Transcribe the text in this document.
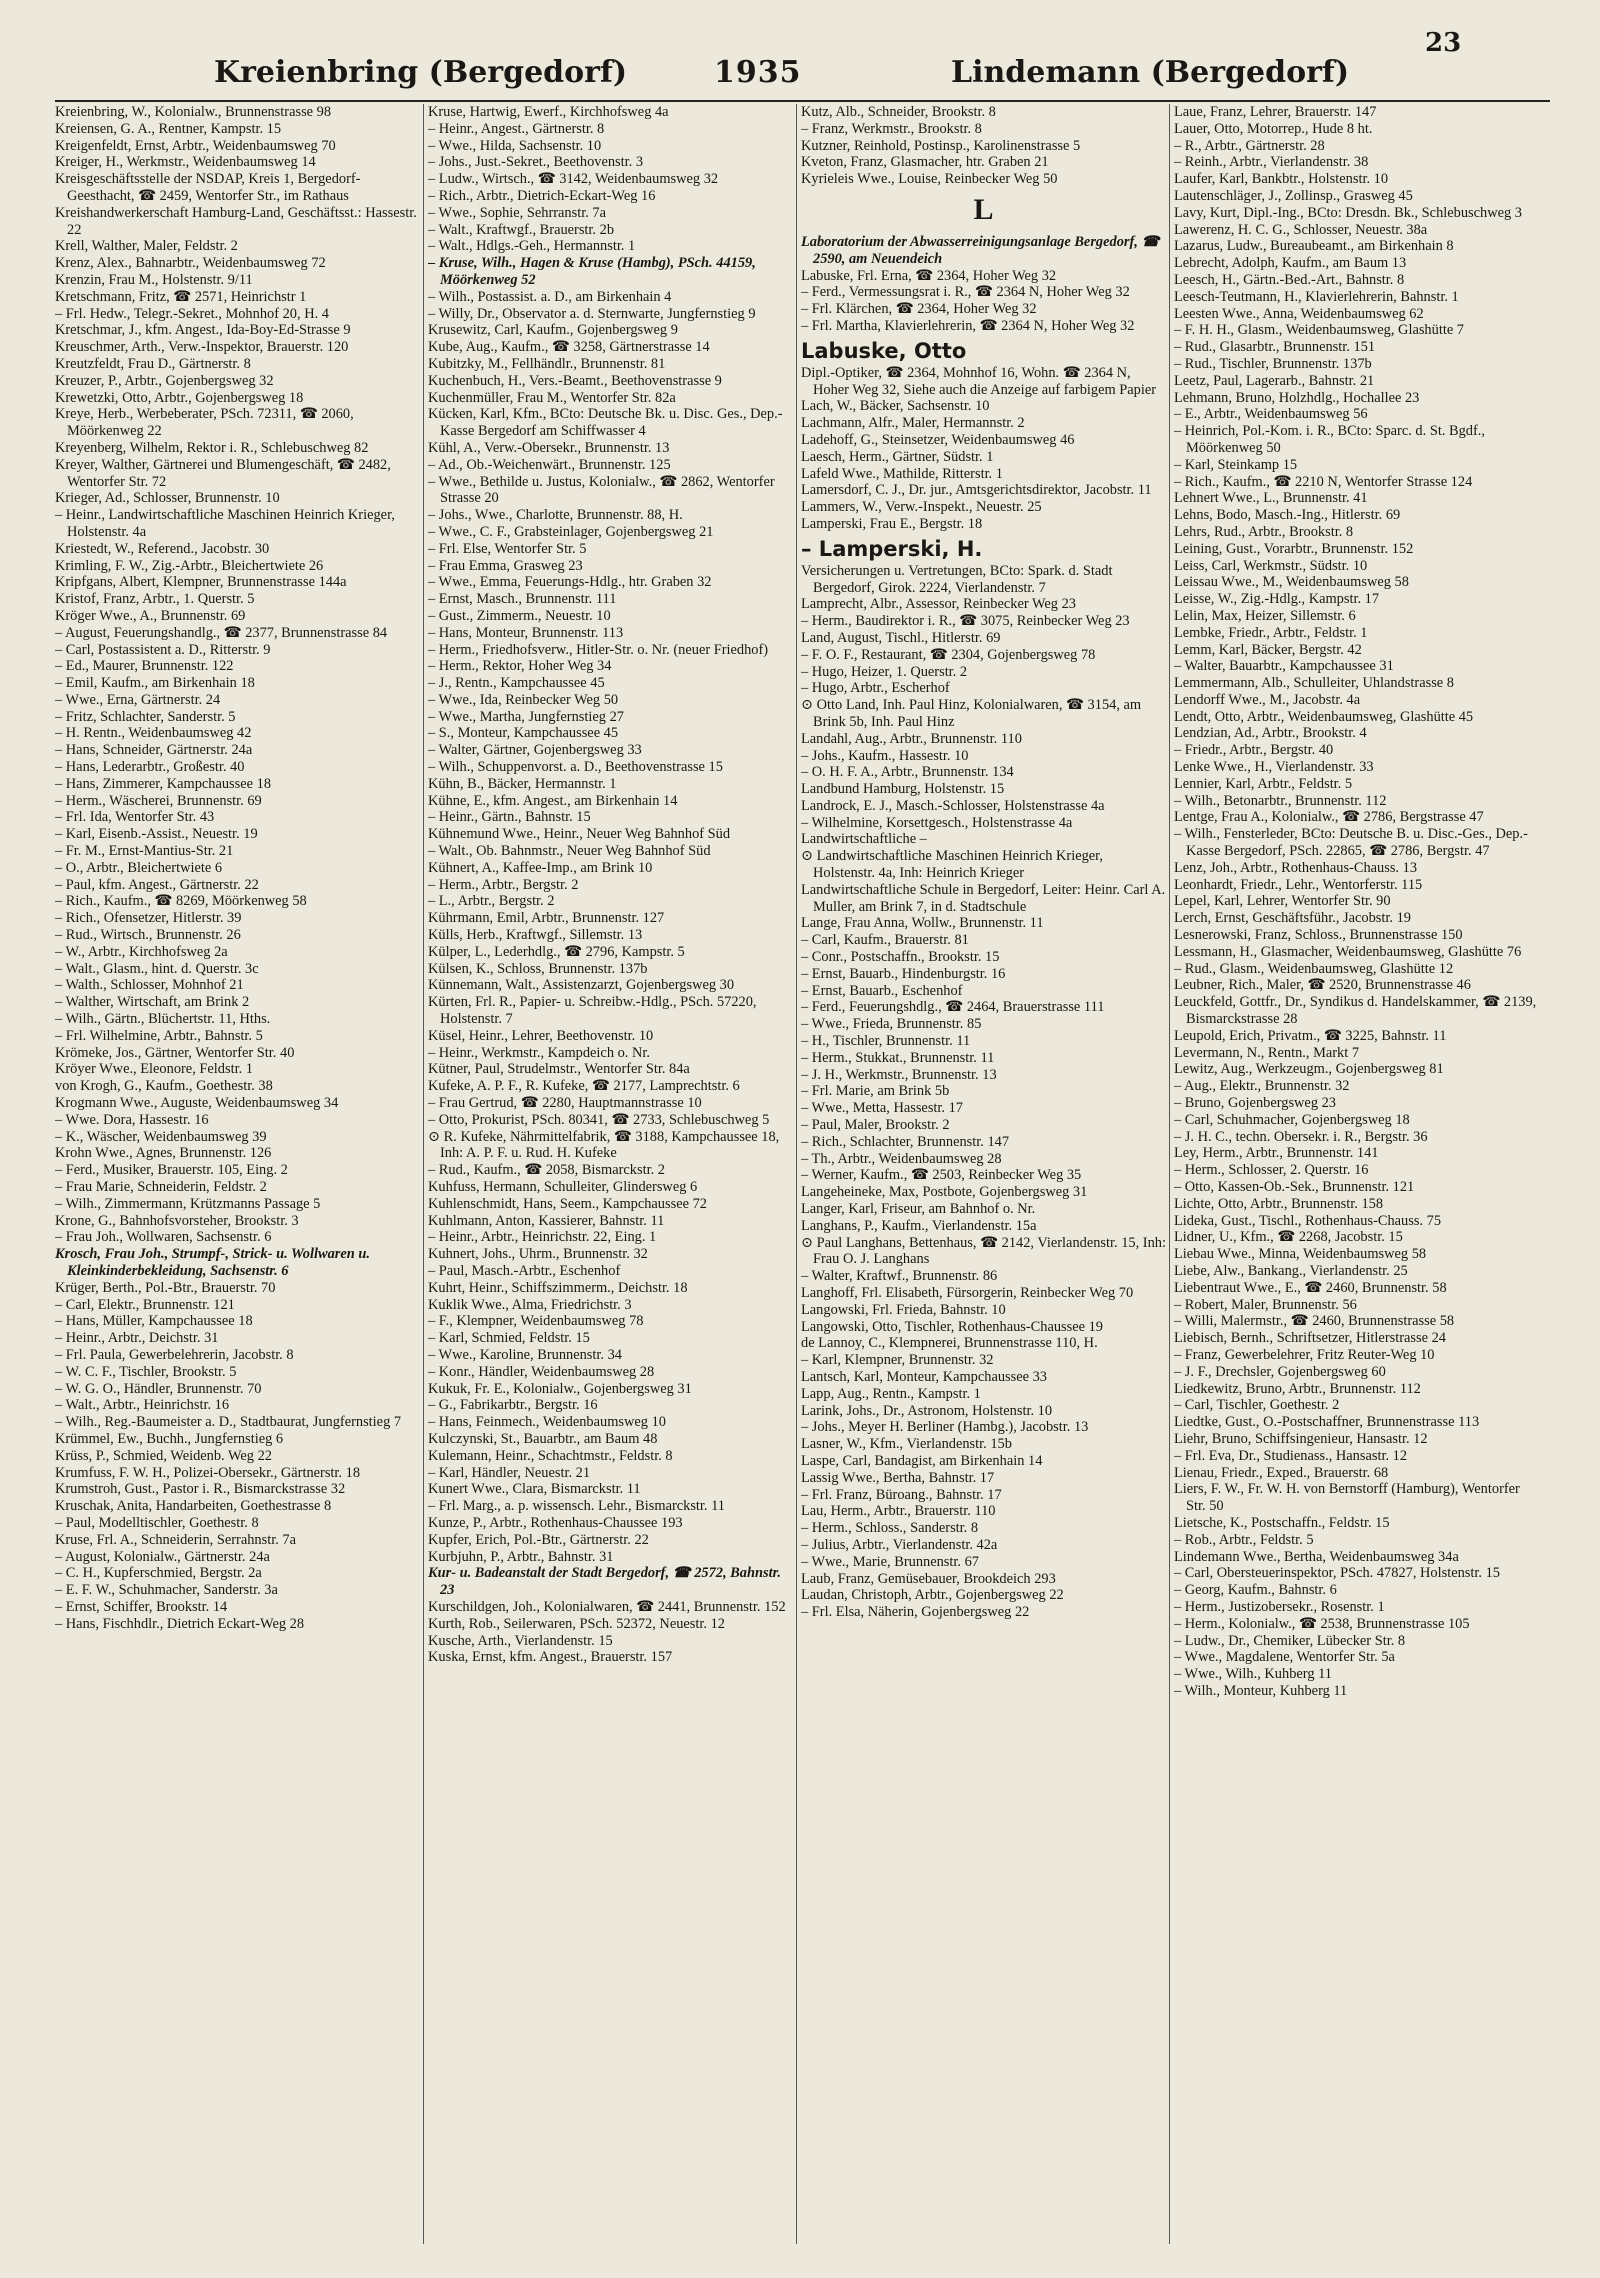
23
Kreienbring (Bergedorf)	1935	Lindemann (Bergedorf)
Kreienbring, W., Kolonialw., Brunnenstrasse 98
Kreiensen, G. A., Rentner, Kampstr. 15
Kreigenfeldt, Ernst, Arbtr., Weidenbaumsweg 70
Kreiger, H., Werkmstr., Weidenbaumsweg 14
Kreisgeschäftsstelle der NSDAP, Kreis 1, Bergedorf-Geesthacht, ☎ 2459, Wentorfer Str., im Rathaus
Kreishandwerkerschaft Hamburg-Land, Geschäftsst.: Hassestr. 22
Krell, Walther, Maler, Feldstr. 2
Krenz, Alex., Bahnarbtr., Weidenbaumsweg 72
Krenzin, Frau M., Holstenstr. 9/11
Kretschmann, Fritz, ☎ 2571, Heinrichstr 1
– Frl. Hedw., Telegr.-Sekret., Mohnhof 20, H. 4
Kretschmar, J., kfm. Angest., Ida-Boy-Ed-Strasse 9
Kreuschmer, Arth., Verw.-Inspektor, Brauerstr. 120
Kreutzfeldt, Frau D., Gärtnerstr. 8
Kreuzer, P., Arbtr., Gojenbergsweg 32
Krewetzki, Otto, Arbtr., Gojenbergsweg 18
Kreye, Herb., Werbeberater, PSch. 72311, ☎ 2060, Möörkenweg 22
Kreyenberg, Wilhelm, Rektor i. R., Schlebuschweg 82
Kreyer, Walther, Gärtnerei und Blumengeschäft, ☎ 2482, Wentorfer Str. 72
Krieger, Ad., Schlosser, Brunnenstr. 10
– Heinr., Landwirtschaftliche Maschinen Heinrich Krieger, Holstenstr. 4a
Kriestedt, W., Referend., Jacobstr. 30
Krimling, F. W., Zig.-Arbtr., Bleichertwiete 26
Kripfgans, Albert, Klempner, Brunnenstrasse 144a
Kristof, Franz, Arbtr., 1. Querstr. 5
Kröger Wwe., A., Brunnenstr. 69
– August, Feuerungshandlg., ☎ 2377, Brunnenstrasse 84
– Carl, Postassistent a. D., Ritterstr. 9
– Ed., Maurer, Brunnenstr. 122
– Emil, Kaufm., am Birkenhain 18
– Wwe., Erna, Gärtnerstr. 24
– Fritz, Schlachter, Sanderstr. 5
– H. Rentn., Weidenbaumsweg 42
– Hans, Schneider, Gärtnerstr. 24a
– Hans, Lederarbtr., Großestr. 40
– Hans, Zimmerer, Kampchaussee 18
– Herm., Wäscherei, Brunnenstr. 69
– Frl. Ida, Wentorfer Str. 43
– Karl, Eisenb.-Assist., Neuestr. 19
– Fr. M., Ernst-Mantius-Str. 21
– O., Arbtr., Bleichertwiete 6
– Paul, kfm. Angest., Gärtnerstr. 22
– Rich., Kaufm., ☎ 8269, Möörkenweg 58
– Rich., Ofensetzer, Hitlerstr. 39
– Rud., Wirtsch., Brunnenstr. 26
– W., Arbtr., Kirchhofsweg 2a
– Walt., Glasm., hint. d. Querstr. 3c
– Walth., Schlosser, Mohnhof 21
– Walther, Wirtschaft, am Brink 2
– Wilh., Gärtn., Blüchertstr. 11, Hths.
– Frl. Wilhelmine, Arbtr., Bahnstr. 5
Krömeke, Jos., Gärtner, Wentorfer Str. 40
Kröyer Wwe., Eleonore, Feldstr. 1
von Krogh, G., Kaufm., Goethestr. 38
Krogmann Wwe., Auguste, Weidenbaumsweg 34
– Wwe. Dora, Hassestr. 16
– K., Wäscher, Weidenbaumsweg 39
Krohn Wwe., Agnes, Brunnenstr. 126
– Ferd., Musiker, Brauerstr. 105, Eing. 2
– Frau Marie, Schneiderin, Feldstr. 2
– Wilh., Zimmermann, Krützmanns Passage 5
Krone, G., Bahnhofsvorsteher, Brookstr. 3
– Frau Joh., Wollwaren, Sachsenstr. 6
Krosch, Frau Joh., Strumpf-, Strick- u. Wollwaren u. Kleinkinderbekleidung, Sachsenstr. 6
Krüger, Berth., Pol.-Btr., Brauerstr. 70
– Carl, Elektr., Brunnenstr. 121
– Hans, Müller, Kampchaussee 18
– Heinr., Arbtr., Deichstr. 31
– Frl. Paula, Gewerbelehrerin, Jacobstr. 8
– W. C. F., Tischler, Brookstr. 5
– W. G. O., Händler, Brunnenstr. 70
– Walt., Arbtr., Heinrichstr. 16
– Wilh., Reg.-Baumeister a. D., Stadtbaurat, Jungfernstieg 7
Krümmel, Ew., Buchh., Jungfernstieg 6
Krüss, P., Schmied, Weidenb. Weg 22
Krumfuss, F. W. H., Polizei-Obersekr., Gärtnerstr. 18
Krumstroh, Gust., Pastor i. R., Bismarckstrasse 32
Kruschak, Anita, Handarbeiten, Goethestrasse 8
– Paul, Modelltischler, Goethestr. 8
Kruse, Frl. A., Schneiderin, Serrahnstr. 7a
– August, Kolonialw., Gärtnerstr. 24a
– C. H., Kupferschmied, Bergstr. 2a
– E. F. W., Schuhmacher, Sanderstr. 3a
– Ernst, Schiffer, Brookstr. 14
– Hans, Fischhdlr., Dietrich Eckart-Weg 28
Kruse, Hartwig, Ewerf., Kirchhofsweg 4a
– Heinr., Angest., Gärtnerstr. 8
– Wwe., Hilda, Sachsenstr. 10
– Johs., Just.-Sekret., Beethovenstr. 3
– Ludw., Wirtsch., ☎ 3142, Weidenbaumsweg 32
– Rich., Arbtr., Dietrich-Eckart-Weg 16
– Wwe., Sophie, Sehrranstr. 7a
– Walt., Kraftwgf., Brauerstr. 2b
– Walt., Hdlgs.-Geh., Hermannstr. 1
– Kruse, Wilh., Hagen & Kruse (Hambg), PSch. 44159, Möörkenweg 52
– Wilh., Postassist. a. D., am Birkenhain 4
– Willy, Dr., Observator a. d. Sternwarte, Jungfernstieg 9
Krusewitz, Carl, Kaufm., Gojenbergsweg 9
Kube, Aug., Kaufm., ☎ 3258, Gärtnerstrasse 14
Kubitzky, M., Fellhändlr., Brunnenstr. 81
Kuchenbuch, H., Vers.-Beamt., Beethovenstrasse 9
Kuchenmüller, Frau M., Wentorfer Str. 82a
Kücken, Karl, Kfm., BCto: Deutsche Bk. u. Disc. Ges., Dep.-Kasse Bergedorf am Schiffwasser 4
Kühl, A., Verw.-Obersekr., Brunnenstr. 13
– Ad., Ob.-Weichenwärt., Brunnenstr. 125
– Wwe., Bethilde u. Justus, Kolonialw., ☎ 2862, Wentorfer Strasse 20
– Johs., Wwe., Charlotte, Brunnenstr. 88, H.
– Wwe., C. F., Grabsteinlager, Gojenbergsweg 21
– Frl. Else, Wentorfer Str. 5
– Frau Emma, Grasweg 23
– Wwe., Emma, Feuerungs-Hdlg., htr. Graben 32
– Ernst, Masch., Brunnenstr. 111
– Gust., Zimmerm., Neuestr. 10
– Hans, Monteur, Brunnenstr. 113
– Herm., Friedhofsverw., Hitler-Str. o. Nr. (neuer Friedhof)
– Herm., Rektor, Hoher Weg 34
– J., Rentn., Kampchaussee 45
– Wwe., Ida, Reinbecker Weg 50
– Wwe., Martha, Jungfernstieg 27
– S., Monteur, Kampchaussee 45
– Walter, Gärtner, Gojenbergsweg 33
– Wilh., Schuppenvorst. a. D., Beethovenstrasse 15
Kühn, B., Bäcker, Hermannstr. 1
Kühne, E., kfm. Angest., am Birkenhain 14
– Heinr., Gärtn., Bahnstr. 15
Kühnemund Wwe., Heinr., Neuer Weg Bahnhof Süd
– Walt., Ob. Bahnmstr., Neuer Weg Bahnhof Süd
Kühnert, A., Kaffee-Imp., am Brink 10
– Herm., Arbtr., Bergstr. 2
– L., Arbtr., Bergstr. 2
Kührmann, Emil, Arbtr., Brunnenstr. 127
Külls, Herb., Kraftwgf., Sillemstr. 13
Külper, L., Lederhdlg., ☎ 2796, Kampstr. 5
Külsen, K., Schloss, Brunnenstr. 137b
Künnemann, Walt., Assistenzarzt, Gojenbergsweg 30
Kürten, Frl. R., Papier- u. Schreibw.-Hdlg., PSch. 57220, Holstenstr. 7
Küsel, Heinr., Lehrer, Beethovenstr. 10
– Heinr., Werkmstr., Kampdeich o. Nr.
Kütner, Paul, Strudelmstr., Wentorfer Str. 84a
Kufeke, A. P. F., R. Kufeke, ☎ 2177, Lamprechtstr. 6
– Frau Gertrud, ☎ 2280, Hauptmannstrasse 10
– Otto, Prokurist, PSch. 80341, ☎ 2733, Schlebuschweg 5
⊙ R. Kufeke, Nährmittelfabrik, ☎ 3188, Kampchaussee 18, Inh: A. P. F. u. Rud. H. Kufeke
– Rud., Kaufm., ☎ 2058, Bismarckstr. 2
Kuhfuss, Hermann, Schulleiter, Glindersweg 6
Kuhlenschmidt, Hans, Seem., Kampchaussee 72
Kuhlmann, Anton, Kassierer, Bahnstr. 11
– Heinr., Arbtr., Heinrichstr. 22, Eing. 1
Kuhnert, Johs., Uhrm., Brunnenstr. 32
– Paul, Masch.-Arbtr., Eschenhof
Kuhrt, Heinr., Schiffszimmerm., Deichstr. 18
Kuklik Wwe., Alma, Friedrichstr. 3
– F., Klempner, Weidenbaumsweg 78
– Karl, Schmied, Feldstr. 15
– Wwe., Karoline, Brunnenstr. 34
– Konr., Händler, Weidenbaumsweg 28
Kukuk, Fr. E., Kolonialw., Gojenbergsweg 31
– G., Fabrikarbtr., Bergstr. 16
– Hans, Feinmech., Weidenbaumsweg 10
Kulczynski, St., Bauarbtr., am Baum 48
Kulemann, Heinr., Schachtmstr., Feldstr. 8
– Karl, Händler, Neuestr. 21
Kunert Wwe., Clara, Bismarckstr. 11
– Frl. Marg., a. p. wissensch. Lehr., Bismarckstr. 11
Kunze, P., Arbtr., Rothenhaus-Chaussee 193
Kupfer, Erich, Pol.-Btr., Gärtnerstr. 22
Kurbjuhn, P., Arbtr., Bahnstr. 31
Kur- u. Badeanstalt der Stadt Bergedorf, ☎ 2572, Bahnstr. 23
Kurschildgen, Joh., Kolonialwaren, ☎ 2441, Brunnenstr. 152
Kurth, Rob., Seilerwaren, PSch. 52372, Neuestr. 12
Kusche, Arth., Vierlandenstr. 15
Kuska, Ernst, kfm. Angest., Brauerstr. 157
Kutz, Alb., Schneider, Brookstr. 8
– Franz, Werkmstr., Brookstr. 8
Kutzner, Reinhold, Postinsp., Karolinenstrasse 5
Kveton, Franz, Glasmacher, htr. Graben 21
Kyrieleis Wwe., Louise, Reinbecker Weg 50
L
Laboratorium der Abwasserreinigungsanlage Bergedorf, ☎ 2590, am Neuendeich
Labuske, Frl. Erna, ☎ 2364, Hoher Weg 32
– Ferd., Vermessungsrat i. R., ☎ 2364 N, Hoher Weg 32
– Frl. Klärchen, ☎ 2364, Hoher Weg 32
– Frl. Martha, Klavierlehrerin, ☎ 2364 N, Hoher Weg 32
Labuske, Otto
Dipl.-Optiker, ☎ 2364, Mohnhof 16, Wohn. ☎ 2364 N, Hoher Weg 32, Siehe auch die Anzeige auf farbigem Papier
Lach, W., Bäcker, Sachsenstr. 10
Lachmann, Alfr., Maler, Hermannstr. 2
Ladehoff, G., Steinsetzer, Weidenbaumsweg 46
Laesch, Herm., Gärtner, Südstr. 1
Lafeld Wwe., Mathilde, Ritterstr. 1
Lamersdorf, C. J., Dr. jur., Amtsgerichtsdirektor, Jacobstr. 11
Lammers, W., Verw.-Inspekt., Neuestr. 25
Lamperski, Frau E., Bergstr. 18
– Lamperski, H.
Versicherungen u. Vertretungen, BCto: Spark. d. Stadt Bergedorf, Girok. 2224, Vierlandenstr. 7
Lamprecht, Albr., Assessor, Reinbecker Weg 23
– Herm., Baudirektor i. R., ☎ 3075, Reinbecker Weg 23
Land, August, Tischl., Hitlerstr. 69
– F. O. F., Restaurant, ☎ 2304, Gojenbergsweg 78
– Hugo, Heizer, 1. Querstr. 2
– Hugo, Arbtr., Escherhof
⊙ Otto Land, Inh. Paul Hinz, Kolonialwaren, ☎ 3154, am Brink 5b, Inh. Paul Hinz
Landahl, Aug., Arbtr., Brunnenstr. 110
– Johs., Kaufm., Hassestr. 10
– O. H. F. A., Arbtr., Brunnenstr. 134
Landbund Hamburg, Holstenstr. 15
Landrock, E. J., Masch.-Schlosser, Holstenstrasse 4a
– Wilhelmine, Korsettgesch., Holstenstrasse 4a
Landwirtschaftliche –
⊙ Landwirtschaftliche Maschinen Heinrich Krieger, Holstenstr. 4a, Inh: Heinrich Krieger
Landwirtschaftliche Schule in Bergedorf, Leiter: Heinr. Carl A. Muller, am Brink 7, in d. Stadtschule
Lange, Frau Anna, Wollw., Brunnenstr. 11
– Carl, Kaufm., Brauerstr. 81
– Conr., Postschaffn., Brookstr. 15
– Ernst, Bauarb., Hindenburgstr. 16
– Ernst, Bauarb., Eschenhof
– Ferd., Feuerungshdlg., ☎ 2464, Brauerstrasse 111
– Wwe., Frieda, Brunnenstr. 85
– H., Tischler, Brunnenstr. 11
– Herm., Stukkat., Brunnenstr. 11
– J. H., Werkmstr., Brunnenstr. 13
– Frl. Marie, am Brink 5b
– Wwe., Metta, Hassestr. 17
– Paul, Maler, Brookstr. 2
– Rich., Schlachter, Brunnenstr. 147
– Th., Arbtr., Weidenbaumsweg 28
– Werner, Kaufm., ☎ 2503, Reinbecker Weg 35
Langeheineke, Max, Postbote, Gojenbergsweg 31
Langer, Karl, Friseur, am Bahnhof o. Nr.
Langhans, P., Kaufm., Vierlandenstr. 15a
⊙ Paul Langhans, Bettenhaus, ☎ 2142, Vierlandenstr. 15, Inh: Frau O. J. Langhans
– Walter, Kraftwf., Brunnenstr. 86
Langhoff, Frl. Elisabeth, Fürsorgerin, Reinbecker Weg 70
Langowski, Frl. Frieda, Bahnstr. 10
Langowski, Otto, Tischler, Rothenhaus-Chaussee 19
de Lannoy, C., Klempnerei, Brunnenstrasse 110, H.
– Karl, Klempner, Brunnenstr. 32
Lantsch, Karl, Monteur, Kampchaussee 33
Lapp, Aug., Rentn., Kampstr. 1
Larink, Johs., Dr., Astronom, Holstenstr. 10
– Johs., Meyer H. Berliner (Hambg.), Jacobstr. 13
Lasner, W., Kfm., Vierlandenstr. 15b
Laspe, Carl, Bandagist, am Birkenhain 14
Lassig Wwe., Bertha, Bahnstr. 17
– Frl. Franz, Büroang., Bahnstr. 17
Lau, Herm., Arbtr., Brauerstr. 110
– Herm., Schloss., Sanderstr. 8
– Julius, Arbtr., Vierlandenstr. 42a
– Wwe., Marie, Brunnenstr. 67
Laub, Franz, Gemüsebauer, Brookdeich 293
Laudan, Christoph, Arbtr., Gojenbergsweg 22
– Frl. Elsa, Näherin, Gojenbergsweg 22
Laue, Franz, Lehrer, Brauerstr. 147
Lauer, Otto, Motorrep., Hude 8 ht.
– R., Arbtr., Gärtnerstr. 28
– Reinh., Arbtr., Vierlandenstr. 38
Laufer, Karl, Bankbtr., Holstenstr. 10
Lautenschläger, J., Zollinsp., Grasweg 45
Lavy, Kurt, Dipl.-Ing., BCto: Dresdn. Bk., Schlebuschweg 3
Lawerenz, H. C. G., Schlosser, Neuestr. 38a
Lazarus, Ludw., Bureaubeamt., am Birkenhain 8
Lebrecht, Adolph, Kaufm., am Baum 13
Leesch, H., Gärtn.-Bed.-Art., Bahnstr. 8
Leesch-Teutmann, H., Klavierlehrerin, Bahnstr. 1
Leesten Wwe., Anna, Weidenbaumsweg 62
– F. H. H., Glasm., Weidenbaumsweg, Glashütte 7
– Rud., Glasarbtr., Brunnenstr. 151
– Rud., Tischler, Brunnenstr. 137b
Leetz, Paul, Lagerarb., Bahnstr. 21
Lehmann, Bruno, Holzhdlg., Hochallee 23
– E., Arbtr., Weidenbaumsweg 56
– Heinrich, Pol.-Kom. i. R., BCto: Sparc. d. St. Bgdf., Möörkenweg 50
– Karl, Steinkamp 15
– Rich., Kaufm., ☎ 2210 N, Wentorfer Strasse 124
Lehnert Wwe., L., Brunnenstr. 41
Lehns, Bodo, Masch.-Ing., Hitlerstr. 69
Lehrs, Rud., Arbtr., Brookstr. 8
Leining, Gust., Vorarbtr., Brunnenstr. 152
Leiss, Carl, Werkmstr., Südstr. 10
Leissau Wwe., M., Weidenbaumsweg 58
Leisse, W., Zig.-Hdlg., Kampstr. 17
Lelin, Max, Heizer, Sillemstr. 6
Lembke, Friedr., Arbtr., Feldstr. 1
Lemm, Karl, Bäcker, Bergstr. 42
– Walter, Bauarbtr., Kampchaussee 31
Lemmermann, Alb., Schulleiter, Uhlandstrasse 8
Lendorff Wwe., M., Jacobstr. 4a
Lendt, Otto, Arbtr., Weidenbaumsweg, Glashütte 45
Lendzian, Ad., Arbtr., Brookstr. 4
– Friedr., Arbtr., Bergstr. 40
Lenke Wwe., H., Vierlandenstr. 33
Lennier, Karl, Arbtr., Feldstr. 5
– Wilh., Betonarbtr., Brunnenstr. 112
Lentge, Frau A., Kolonialw., ☎ 2786, Bergstrasse 47
– Wilh., Fensterleder, BCto: Deutsche B. u. Disc.-Ges., Dep.-Kasse Bergedorf, PSch. 22865, ☎ 2786, Bergstr. 47
Lenz, Joh., Arbtr., Rothenhaus-Chauss. 13
Leonhardt, Friedr., Lehr., Wentorferstr. 115
Lepel, Karl, Lehrer, Wentorfer Str. 90
Lerch, Ernst, Geschäftsführ., Jacobstr. 19
Lesnerowski, Franz, Schloss., Brunnenstrasse 150
Lessmann, H., Glasmacher, Weidenbaumsweg, Glashütte 76
– Rud., Glasm., Weidenbaumsweg, Glashütte 12
Leubner, Rich., Maler, ☎ 2520, Brunnenstrasse 46
Leuckfeld, Gottfr., Dr., Syndikus d. Handelskammer, ☎ 2139, Bismarckstrasse 28
Leupold, Erich, Privatm., ☎ 3225, Bahnstr. 11
Levermann, N., Rentn., Markt 7
Lewitz, Aug., Werkzeugm., Gojenbergsweg 81
– Aug., Elektr., Brunnenstr. 32
– Bruno, Gojenbergsweg 23
– Carl, Schuhmacher, Gojenbergsweg 18
– J. H. C., techn. Obersekr. i. R., Bergstr. 36
Ley, Herm., Arbtr., Brunnenstr. 141
– Herm., Schlosser, 2. Querstr. 16
– Otto, Kassen-Ob.-Sek., Brunnenstr. 121
Lichte, Otto, Arbtr., Brunnenstr. 158
Lideka, Gust., Tischl., Rothenhaus-Chauss. 75
Lidner, U., Kfm., ☎ 2268, Jacobstr. 15
Liebau Wwe., Minna, Weidenbaumsweg 58
Liebe, Alw., Bankang., Vierlandenstr. 25
Liebentraut Wwe., E., ☎ 2460, Brunnenstr. 58
– Robert, Maler, Brunnenstr. 56
– Willi, Malermstr., ☎ 2460, Brunnenstrasse 58
Liebisch, Bernh., Schriftsetzer, Hitlerstrasse 24
– Franz, Gewerbelehrer, Fritz Reuter-Weg 10
– J. F., Drechsler, Gojenbergsweg 60
Liedkewitz, Bruno, Arbtr., Brunnenstr. 112
– Carl, Tischler, Goethestr. 2
Liedtke, Gust., O.-Postschaffner, Brunnenstrasse 113
Liehr, Bruno, Schiffsingenieur, Hansastr. 12
– Frl. Eva, Dr., Studienass., Hansastr. 12
Lienau, Friedr., Exped., Brauerstr. 68
Liers, F. W., Fr. W. H. von Bernstorff (Hamburg), Wentorfer Str. 50
Lietsche, K., Postschaffn., Feldstr. 15
– Rob., Arbtr., Feldstr. 5
Lindemann Wwe., Bertha, Weidenbaumsweg 34a
– Carl, Obersteuerinspektor, PSch. 47827, Holstenstr. 15
– Georg, Kaufm., Bahnstr. 6
– Herm., Justizobersekr., Rosenstr. 1
– Herm., Kolonialw., ☎ 2538, Brunnenstrasse 105
– Ludw., Dr., Chemiker, Lübecker Str. 8
– Wwe., Magdalene, Wentorfer Str. 5a
– Wwe., Wilh., Kuhberg 11
– Wilh., Monteur, Kuhberg 11
